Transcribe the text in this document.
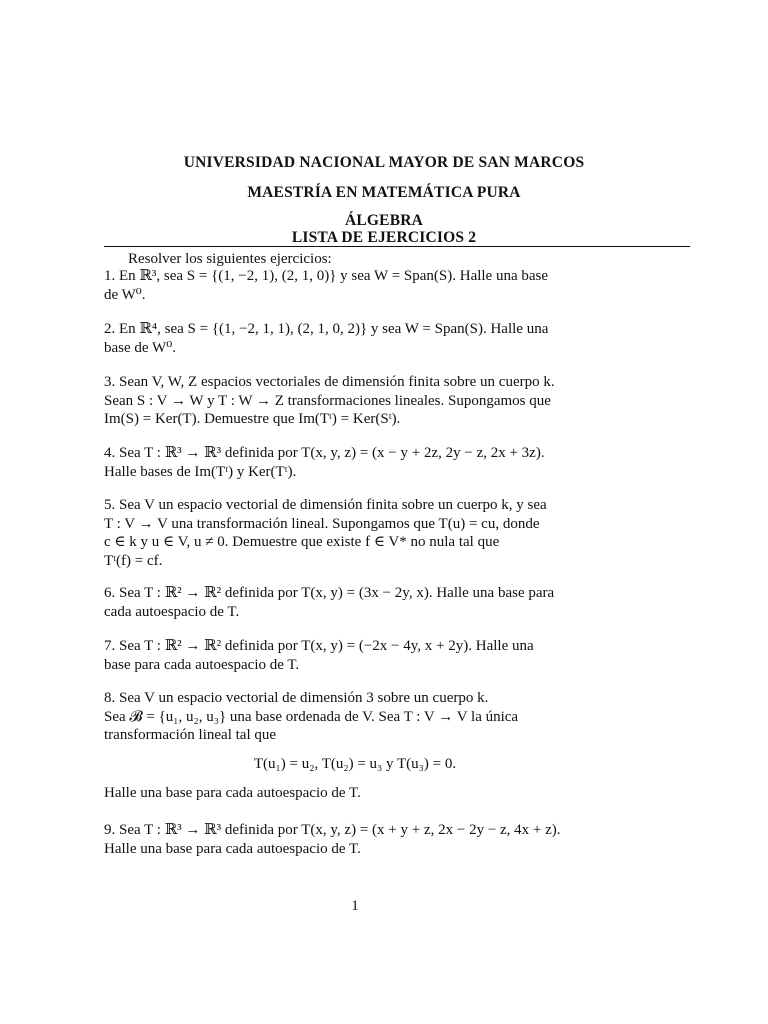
UNIVERSIDAD NACIONAL MAYOR DE SAN MARCOS
MAESTRÍA EN MATEMÁTICA PURA
ÁLGEBRA
LISTA DE EJERCICIOS 2
Resolver los siguientes ejercicios:

1. En ℝ³, sea S = {(1, −2, 1), (2, 1, 0)} y sea W = Span(S). Halle una base

de W⁰.

2. En ℝ⁴, sea S = {(1, −2, 1, 1), (2, 1, 0, 2)} y sea W = Span(S). Halle una

base de W⁰.

3. Sean V, W, Z espacios vectoriales de dimensión finita sobre un cuerpo k.

Sean S : V → W y T : W → Z transformaciones lineales. Supongamos que

Im(S) = Ker(T). Demuestre que Im(Tᵗ) = Ker(Sᵗ).

4. Sea T : ℝ³ → ℝ³ definida por T(x, y, z) = (x − y + 2z, 2y − z, 2x + 3z).

Halle bases de Im(Tᵗ) y Ker(Tᵗ).

5. Sea V un espacio vectorial de dimensión finita sobre un cuerpo k, y sea

T : V → V una transformación lineal. Supongamos que T(u) = cu, donde

c ∈ k y u ∈ V, u ≠ 0. Demuestre que existe f ∈ V* no nula tal que

Tᵗ(f) = cf.

6. Sea T : ℝ² → ℝ² definida por T(x, y) = (3x − 2y, x). Halle una base para

cada autoespacio de T.

7. Sea T : ℝ² → ℝ² definida por T(x, y) = (−2x − 4y, x + 2y). Halle una

base para cada autoespacio de T.

8. Sea V un espacio vectorial de dimensión 3 sobre un cuerpo k.

Sea 𝓑 = {u₁, u₂, u₃} una base ordenada de V. Sea T : V → V la única

transformación lineal tal que

T(u₁) = u₂, T(u₂) = u₃ y T(u₃) = 0.
Halle una base para cada autoespacio de T.

9. Sea T : ℝ³ → ℝ³ definida por T(x, y, z) = (x + y + z, 2x − 2y − z, 4x + z).

Halle una base para cada autoespacio de T.

1
